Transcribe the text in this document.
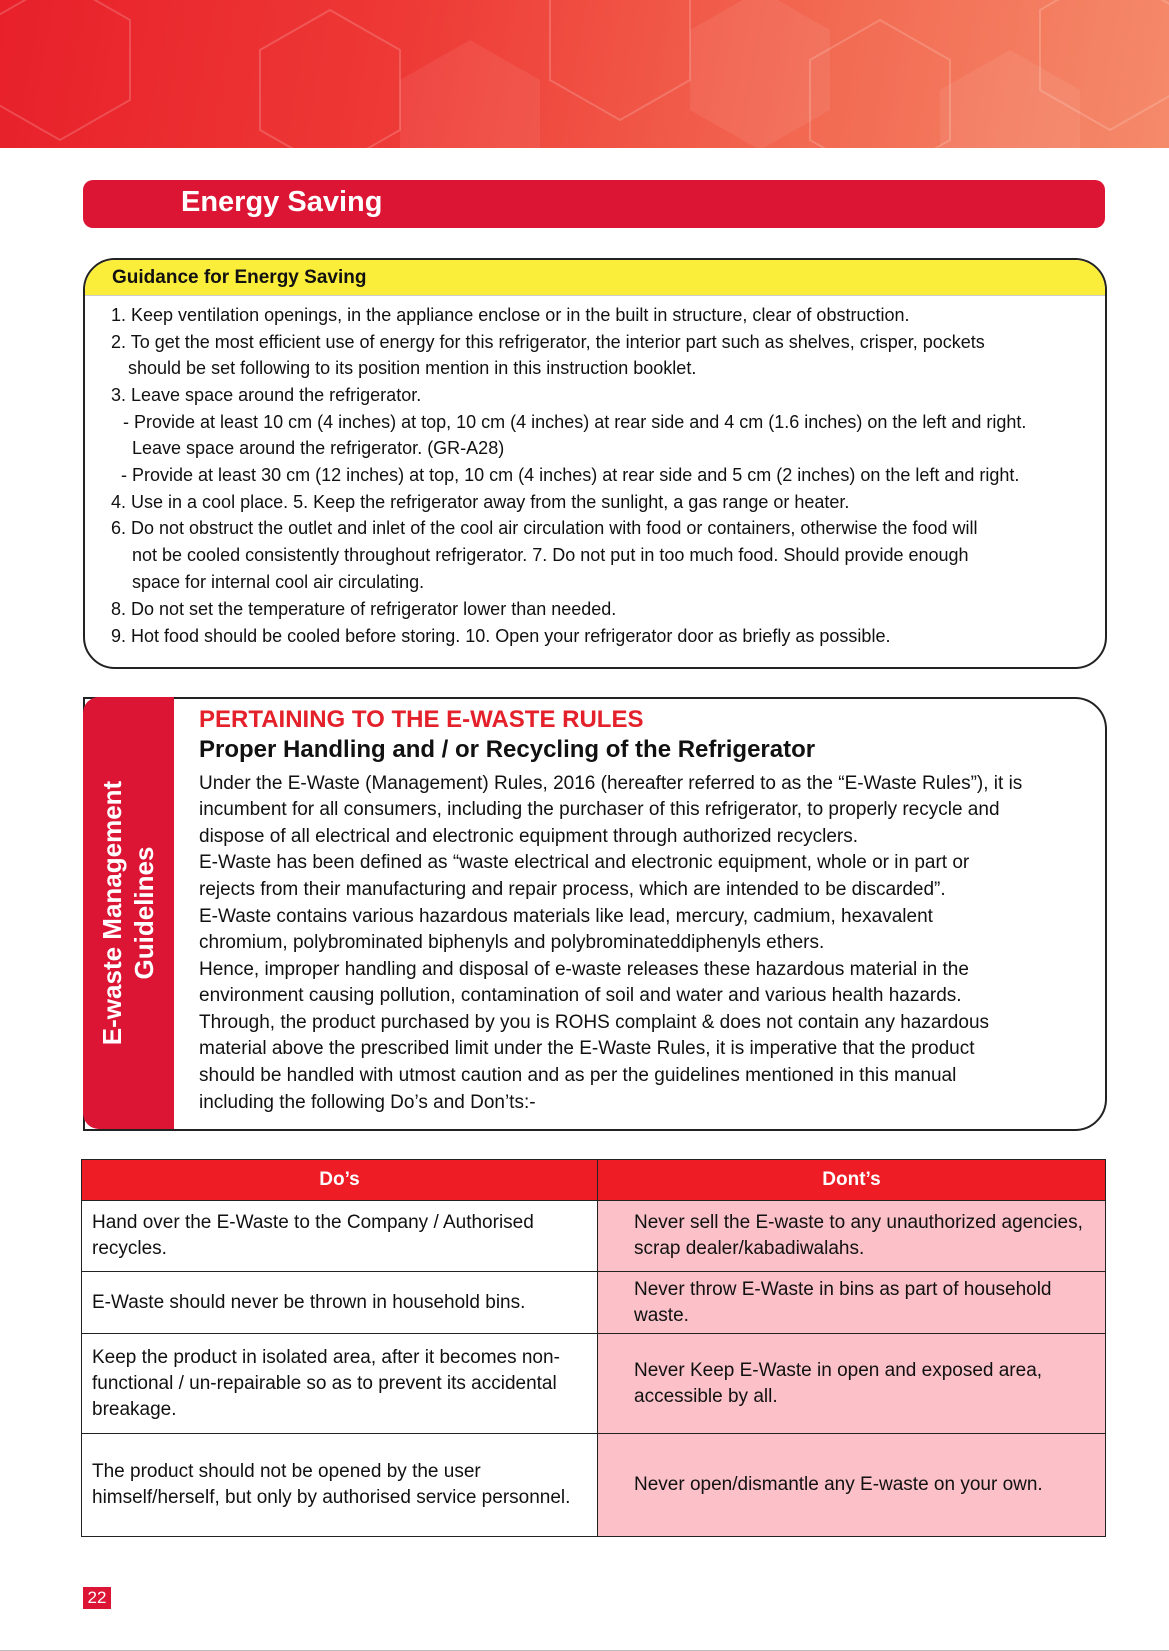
Energy Saving
Guidance for Energy Saving
1. Keep ventilation openings, in the appliance enclose or in the built in structure, clear of obstruction.
2. To get the most efficient use of energy for this refrigerator, the interior part such as shelves, crisper, pockets
should be set following to its position mention in this instruction booklet.
3. Leave space around the refrigerator.
- Provide at least 10 cm (4 inches) at top, 10 cm (4 inches) at rear side and 4 cm (1.6 inches) on the left and right.
Leave space around the refrigerator. (GR-A28)
- Provide at least 30 cm (12 inches) at top, 10 cm (4 inches) at rear side and 5 cm (2 inches) on the left and right.
4. Use in a cool place. 5. Keep the refrigerator away from the sunlight, a gas range or heater.
6. Do not obstruct the outlet and inlet of the cool air circulation with food or containers, otherwise the food will
not be cooled consistently throughout refrigerator. 7. Do not put in too much food. Should provide enough
space for internal cool air circulating.
8. Do not set the temperature of refrigerator lower than needed.
9. Hot food should be cooled before storing. 10. Open your refrigerator door as briefly as possible.
E-waste Management Guidelines
PERTAINING TO THE E-WASTE RULES
Proper Handling and / or Recycling of the Refrigerator
Under the E-Waste (Management) Rules, 2016 (hereafter referred to as the “E-Waste Rules”), it is
incumbent for all consumers, including the purchaser of this refrigerator, to properly recycle and
dispose of all electrical and electronic equipment through authorized recyclers.
E-Waste has been defined as “waste electrical and electronic equipment, whole or in part or
rejects from their manufacturing and repair process, which are intended to be discarded”.
E-Waste contains various hazardous materials like lead, mercury, cadmium, hexavalent
chromium, polybrominated biphenyls and polybrominateddiphenyls ethers.
Hence, improper handling and disposal of e-waste releases these hazardous material in the
environment causing pollution, contamination of soil and water and various health hazards.
Through, the product purchased by you is ROHS complaint & does not contain any hazardous
material above the prescribed limit under the E-Waste Rules, it is imperative that the product
should be handled with utmost caution and as per the guidelines mentioned in this manual
including the following Do’s and Don’ts:-
Do’s	Dont’s
Hand over the E-Waste to the Company / Authorised recycles.	Never sell the E-waste to any unauthorized agencies, scrap dealer/kabadiwalahs.
E-Waste should never be thrown in household bins.	Never throw E-Waste in bins as part of household waste.
Keep the product in isolated area, after it becomes non- functional / un-repairable so as to prevent its accidental breakage.	Never Keep E-Waste in open and exposed area, accessible by all.
The product should not be opened by the user himself/herself, but only by authorised service personnel.	Never open/dismantle any E-waste on your own.
22
